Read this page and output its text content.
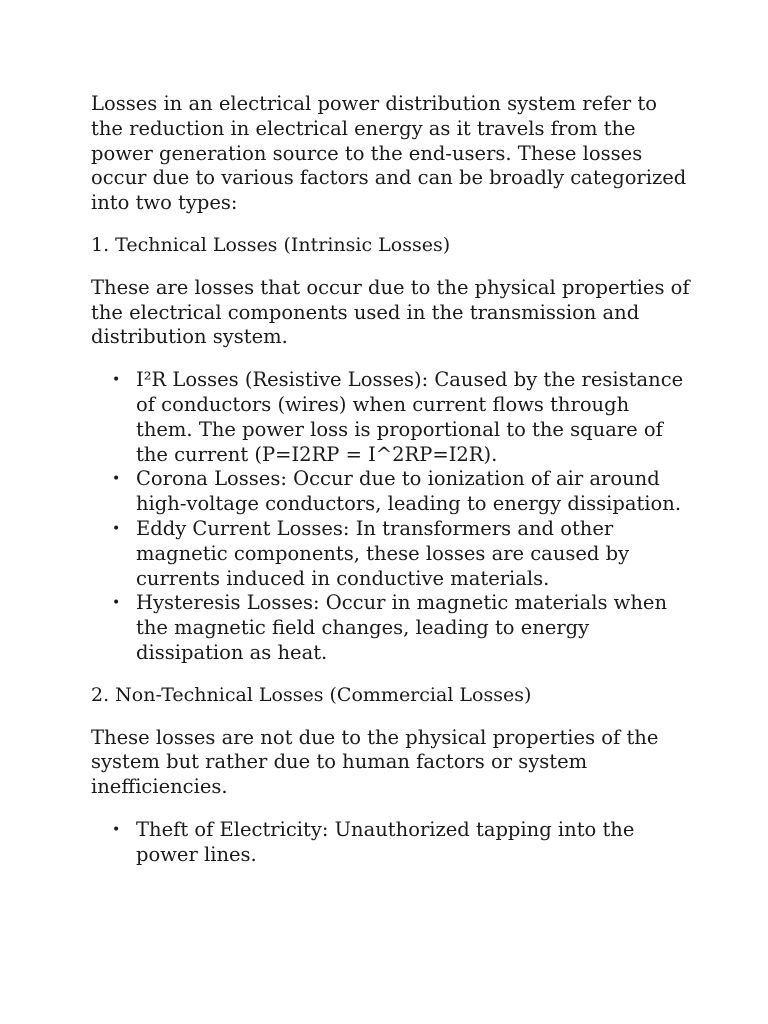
Losses in an electrical power distribution system refer to the reduction in electrical energy as it travels from the power generation source to the end-users. These losses occur due to various factors and can be broadly categorized into two types:

1. Technical Losses (Intrinsic Losses)

These are losses that occur due to the physical properties of the electrical components used in the transmission and distribution system.

• I²R Losses (Resistive Losses): Caused by the resistance of conductors (wires) when current flows through them. The power loss is proportional to the square of the current (P=I2RP = I^2RP=I2R).
• Corona Losses: Occur due to ionization of air around high-voltage conductors, leading to energy dissipation.
• Eddy Current Losses: In transformers and other magnetic components, these losses are caused by currents induced in conductive materials.
• Hysteresis Losses: Occur in magnetic materials when the magnetic field changes, leading to energy dissipation as heat.
2. Non-Technical Losses (Commercial Losses)

These losses are not due to the physical properties of the system but rather due to human factors or system inefficiencies.

• Theft of Electricity: Unauthorized tapping into the power lines.
